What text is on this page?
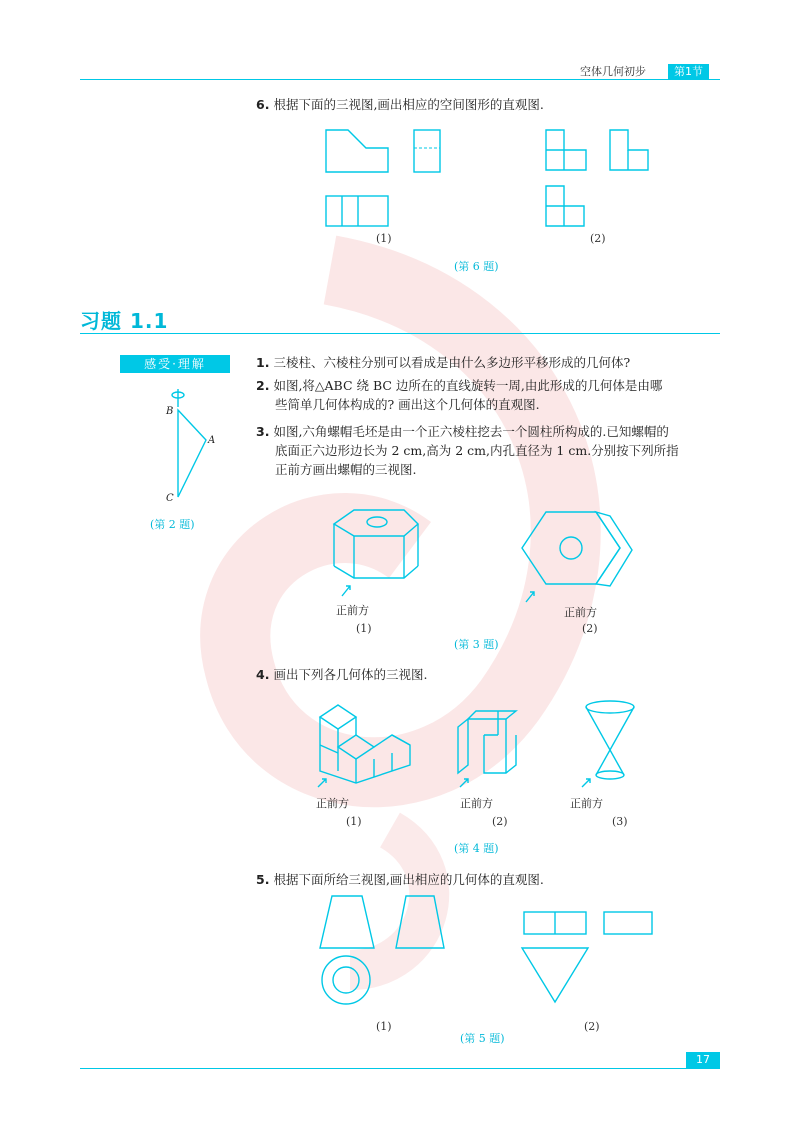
空体几何初步	第1节
6. 根据下面的三视图,画出相应的空间图形的直观图.
(1)	(2)
(第 6 题)
习题 1.1
感受·理解
B
A
C
(第 2 题)
1. 三棱柱、六棱柱分别可以看成是由什么多边形平移形成的几何体?
2. 如图,将△ABC 绕 BC 边所在的直线旋转一周,由此形成的几何体是由哪
些简单几何体构成的? 画出这个几何体的直观图.
3. 如图,六角螺帽毛坯是由一个正六棱柱挖去一个圆柱所构成的.已知螺帽的
底面正六边形边长为 2 cm,高为 2 cm,内孔直径为 1 cm.分别按下列所指
正前方画出螺帽的三视图.
正前方	正前方
(1)	(2)
(第 3 题)
4. 画出下列各几何体的三视图.
正前方	正前方	正前方
(1)	(2)	(3)
(第 4 题)
5. 根据下面所给三视图,画出相应的几何体的直观图.
(1)	(2)
(第 5 题)
17
